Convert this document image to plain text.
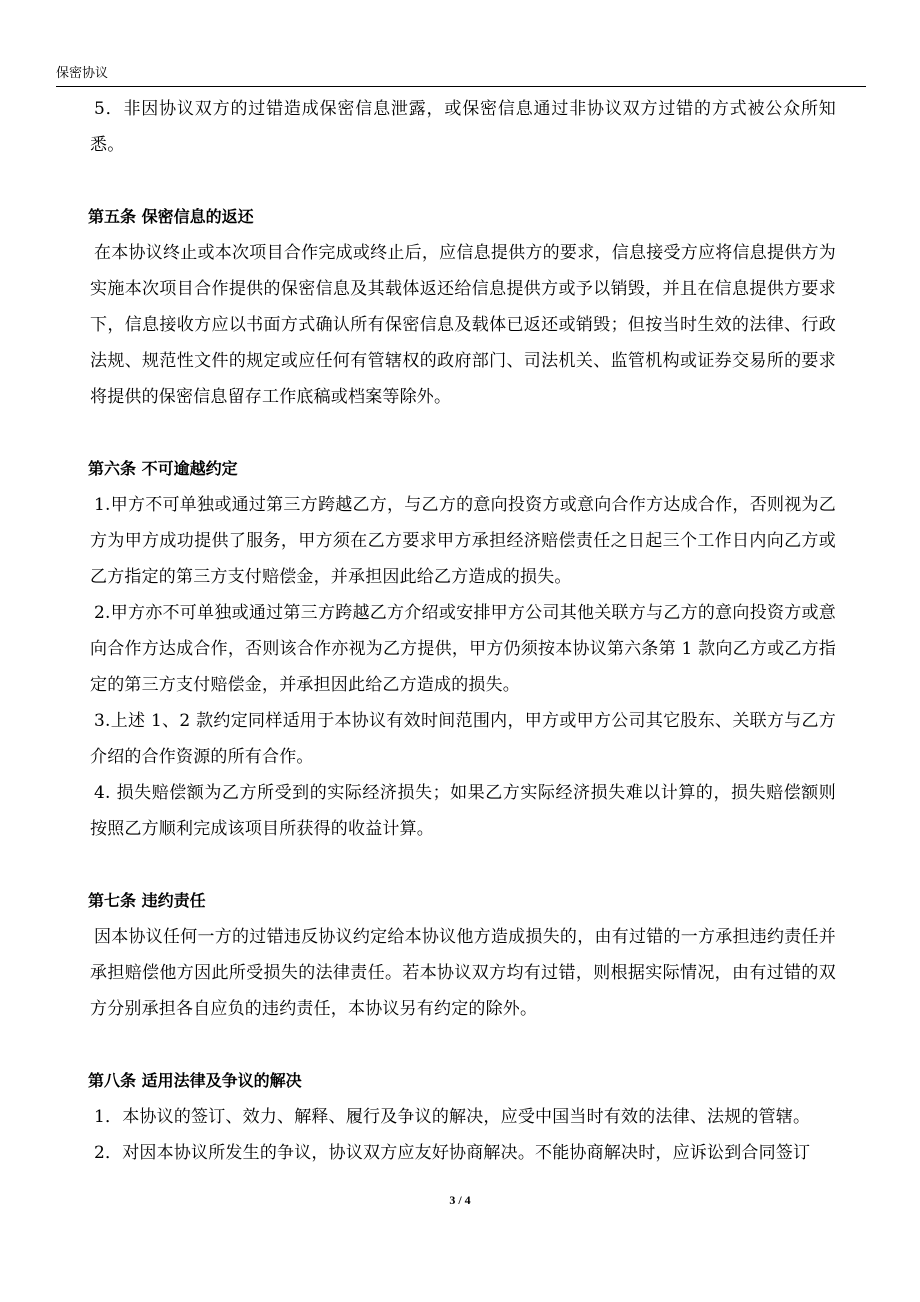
保密协议

5．非因协议双方的过错造成保密信息泄露，或保密信息通过非协议双方过错的方式被公众所知悉。

第五条 保密信息的返还

在本协议终止或本次项目合作完成或终止后，应信息提供方的要求，信息接受方应将信息提供方为实施本次项目合作提供的保密信息及其载体返还给信息提供方或予以销毁，并且在信息提供方要求下，信息接收方应以书面方式确认所有保密信息及载体已返还或销毁；但按当时生效的法律、行政法规、规范性文件的规定或应任何有管辖权的政府部门、司法机关、监管机构或证券交易所的要求将提供的保密信息留存工作底稿或档案等除外。

第六条 不可逾越约定

1.甲方不可单独或通过第三方跨越乙方，与乙方的意向投资方或意向合作方达成合作，否则视为乙方为甲方成功提供了服务，甲方须在乙方要求甲方承担经济赔偿责任之日起三个工作日内向乙方或乙方指定的第三方支付赔偿金，并承担因此给乙方造成的损失。

2.甲方亦不可单独或通过第三方跨越乙方介绍或安排甲方公司其他关联方与乙方的意向投资方或意向合作方达成合作，否则该合作亦视为乙方提供，甲方仍须按本协议第六条第 1 款向乙方或乙方指定的第三方支付赔偿金，并承担因此给乙方造成的损失。

3.上述 1、2 款约定同样适用于本协议有效时间范围内，甲方或甲方公司其它股东、关联方与乙方介绍的合作资源的所有合作。

4. 损失赔偿额为乙方所受到的实际经济损失；如果乙方实际经济损失难以计算的，损失赔偿额则按照乙方顺利完成该项目所获得的收益计算。

第七条 违约责任

因本协议任何一方的过错违反协议约定给本协议他方造成损失的，由有过错的一方承担违约责任并承担赔偿他方因此所受损失的法律责任。若本协议双方均有过错，则根据实际情况，由有过错的双方分别承担各自应负的违约责任，本协议另有约定的除外。

第八条 适用法律及争议的解决

1．本协议的签订、效力、解释、履行及争议的解决，应受中国当时有效的法律、法规的管辖。

2．对因本协议所发生的争议，协议双方应友好协商解决。不能协商解决时，应诉讼到合同签订

3 / 4
